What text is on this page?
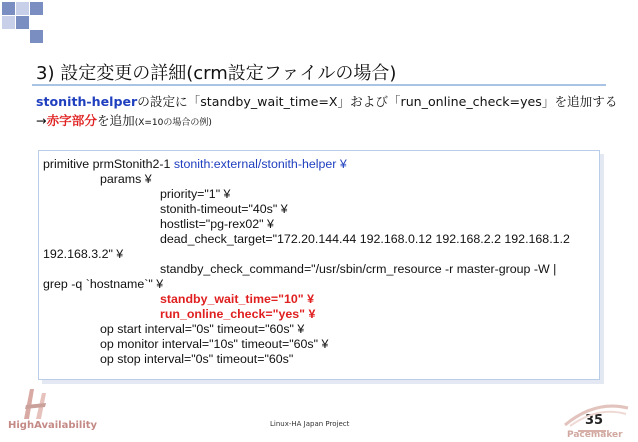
3) 設定変更の詳細(crm設定ファイルの場合)
stonith-helperの設定に「standby_wait_time=X」および「run_online_check=yes」を追加する
→赤字部分を追加(X=10の場合の例)
primitive prmStonith2-1 stonith:external/stonith-helper ¥
params ¥
priority="1" ¥
stonith-timeout="40s" ¥
hostlist="pg-rex02" ¥
dead_check_target="172.20.144.44 192.168.0.12 192.168.2.2 192.168.1.2
192.168.3.2" ¥
standby_check_command="/usr/sbin/crm_resource -r master-group -W |
grep -q `hostname`" ¥
standby_wait_time="10" ¥
run_online_check="yes" ¥
op start interval="0s" timeout="60s" ¥
op monitor interval="10s" timeout="60s" ¥
op stop interval="0s" timeout="60s"
HighAvailability	Linux-HA Japan Project	35
Pacemaker
